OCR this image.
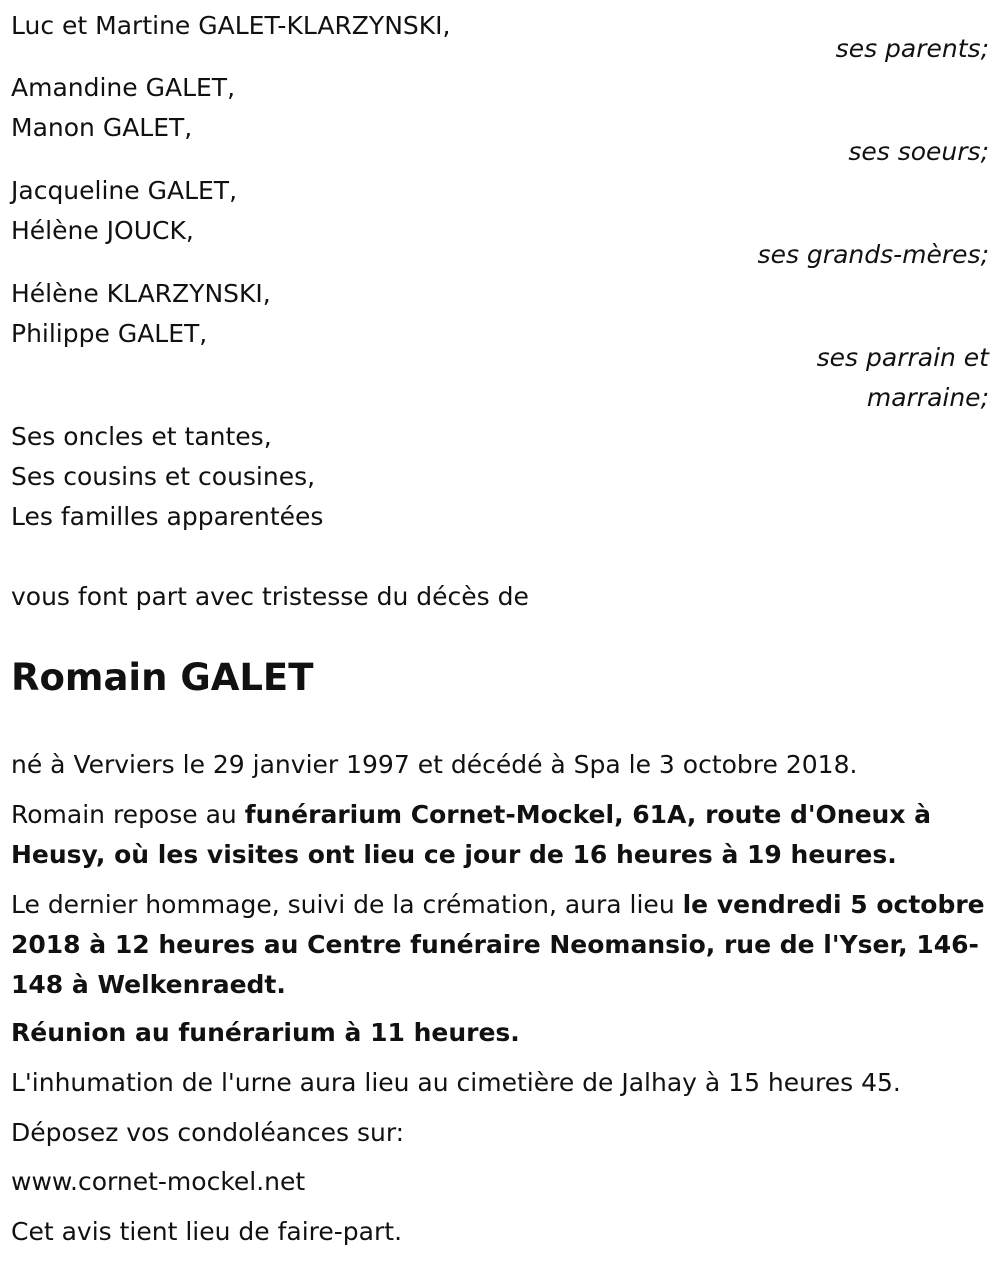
Luc et Martine GALET-KLARZYNSKI,
ses parents;
Amandine GALET,
Manon GALET,
ses soeurs;
Jacqueline GALET,
Hélène JOUCK,
ses grands-mères;
Hélène KLARZYNSKI,
Philippe GALET,
ses parrain et
marraine;
Ses oncles et tantes,
Ses cousins et cousines,
Les familles apparentées
vous font part avec tristesse du décès de
Romain GALET
né à Verviers le 29 janvier 1997 et décédé à Spa le 3 octobre 2018.
Romain repose au funérarium Cornet-Mockel, 61A, route d'Oneux à Heusy, où les visites ont lieu ce jour de 16 heures à 19 heures.
Le dernier hommage, suivi de la crémation, aura lieu le vendredi 5 octobre 2018 à 12 heures au Centre funéraire Neomansio, rue de l'Yser, 146-148 à Welkenraedt.
Réunion au funérarium à 11 heures.
L'inhumation de l'urne aura lieu au cimetière de Jalhay à 15 heures 45.
Déposez vos condoléances sur:
www.cornet-mockel.net
Cet avis tient lieu de faire-part.
